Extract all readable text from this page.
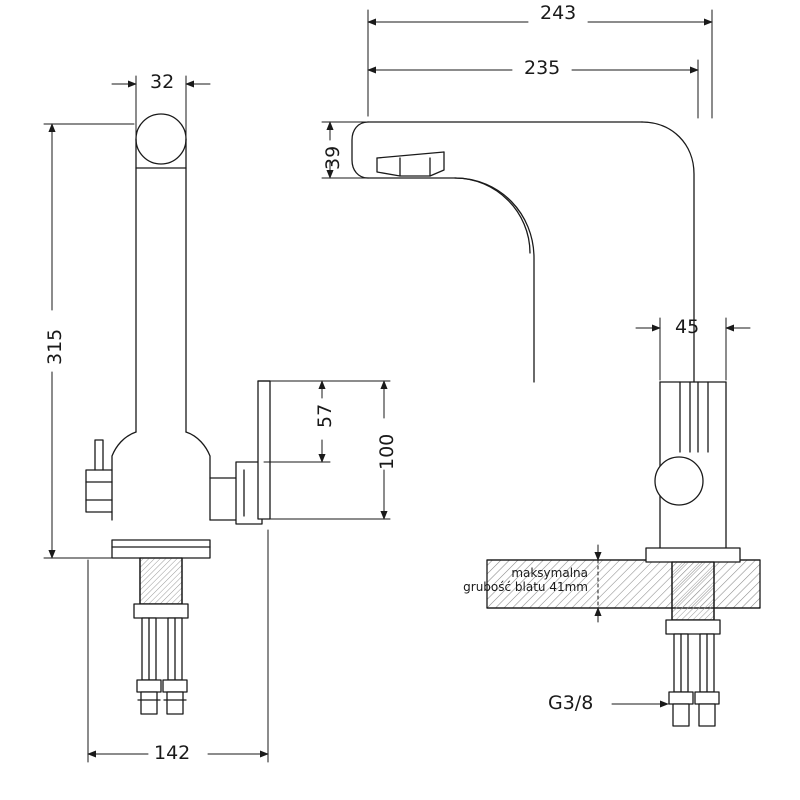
243
235
32
39
315
45
57
100
142
G3/8
maksymalna
grubość blatu 41mm
